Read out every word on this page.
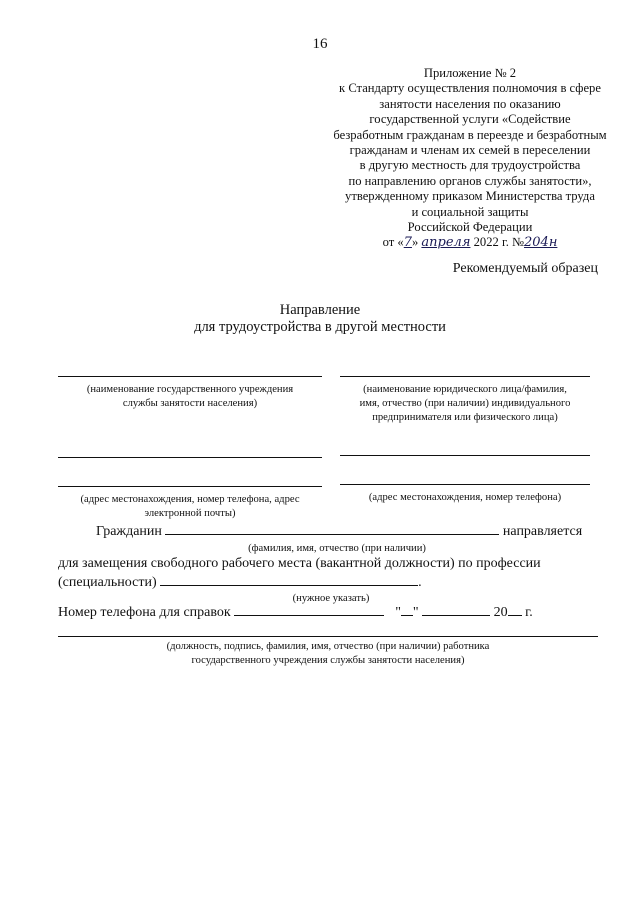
16
Приложение № 2
к Стандарту осуществления полномочия в сфере
занятости населения по оказанию
государственной услуги «Содействие
безработным гражданам в переезде и безработным
гражданам и членам их семей в переселении
в другую местность для трудоустройства
по направлению органов службы занятости»,
утвержденному приказом Министерства труда
и социальной защиты
Российской Федерации
от «7» апреля 2022 г. №204н
Рекомендуемый образец
Направление
для трудоустройства в другой местности
(наименование государственного учреждения
службы занятости населения)
(наименование юридического лица/фамилия,
имя, отчество (при наличии) индивидуального
предпринимателя или физического лица)
(адрес местонахождения, номер телефона, адрес
электронной почты)
(адрес местонахождения, номер телефона)
Гражданин	направляется
(фамилия, имя, отчество (при наличии)
для замещения свободного рабочего места (вакантной должности) по профессии
(специальности)	.
(нужное указать)
Номер телефона для справок	" "	20 г.
(должность, подпись, фамилия, имя, отчество (при наличии) работника
государственного учреждения службы занятости населения)
